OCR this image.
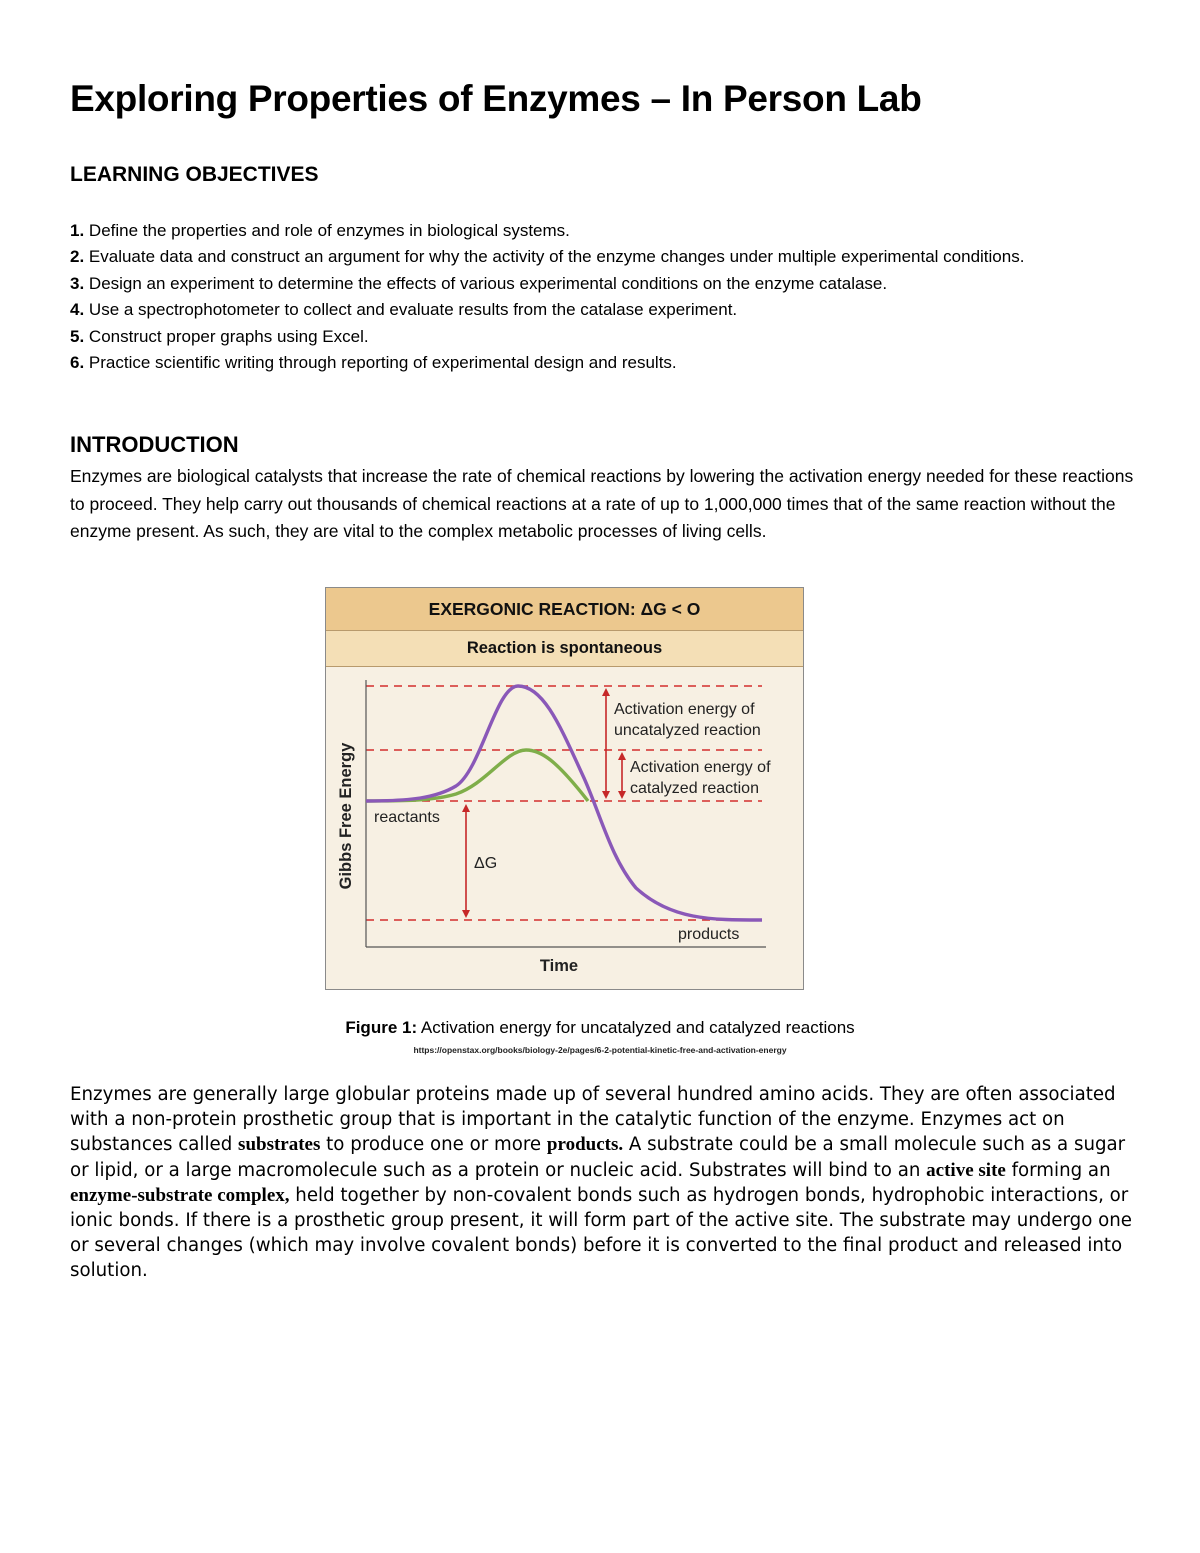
Exploring Properties of Enzymes – In Person Lab
LEARNING OBJECTIVES
1. Define the properties and role of enzymes in biological systems.
2. Evaluate data and construct an argument for why the activity of the enzyme changes under multiple experimental conditions.
3. Design an experiment to determine the effects of various experimental conditions on the enzyme catalase.
4. Use a spectrophotometer to collect and evaluate results from the catalase experiment.
5. Construct proper graphs using Excel.
6. Practice scientific writing through reporting of experimental design and results.
INTRODUCTION

Enzymes are biological catalysts that increase the rate of chemical reactions by lowering the activation energy needed for these reactions to proceed. They help carry out thousands of chemical reactions at a rate of up to 1,000,000 times that of the same reaction without the enzyme present. As such, they are vital to the complex metabolic processes of living cells.

EXERGONIC REACTION: ΔG < O
Reaction is spontaneous
Activation energy of
uncatalyzed reaction
Activation energy of
catalyzed reaction
reactants
ΔG
products
Time
Gibbs Free Energy
Figure 1: Activation energy for uncatalyzed and catalyzed reactions
https://openstax.org/books/biology-2e/pages/6-2-potential-kinetic-free-and-activation-energy

Enzymes are generally large globular proteins made up of several hundred amino acids. They are often associated with a non-protein prosthetic group that is important in the catalytic function of the enzyme. Enzymes act on substances called substrates to produce one or more products. A substrate could be a small molecule such as a sugar or lipid, or a large macromolecule such as a protein or nucleic acid. Substrates will bind to an active site forming an enzyme-substrate complex, held together by non-covalent bonds such as hydrogen bonds, hydrophobic interactions, or ionic bonds. If there is a prosthetic group present, it will form part of the active site. The substrate may undergo one or several changes (which may involve covalent bonds) before it is converted to the final product and released into solution.
